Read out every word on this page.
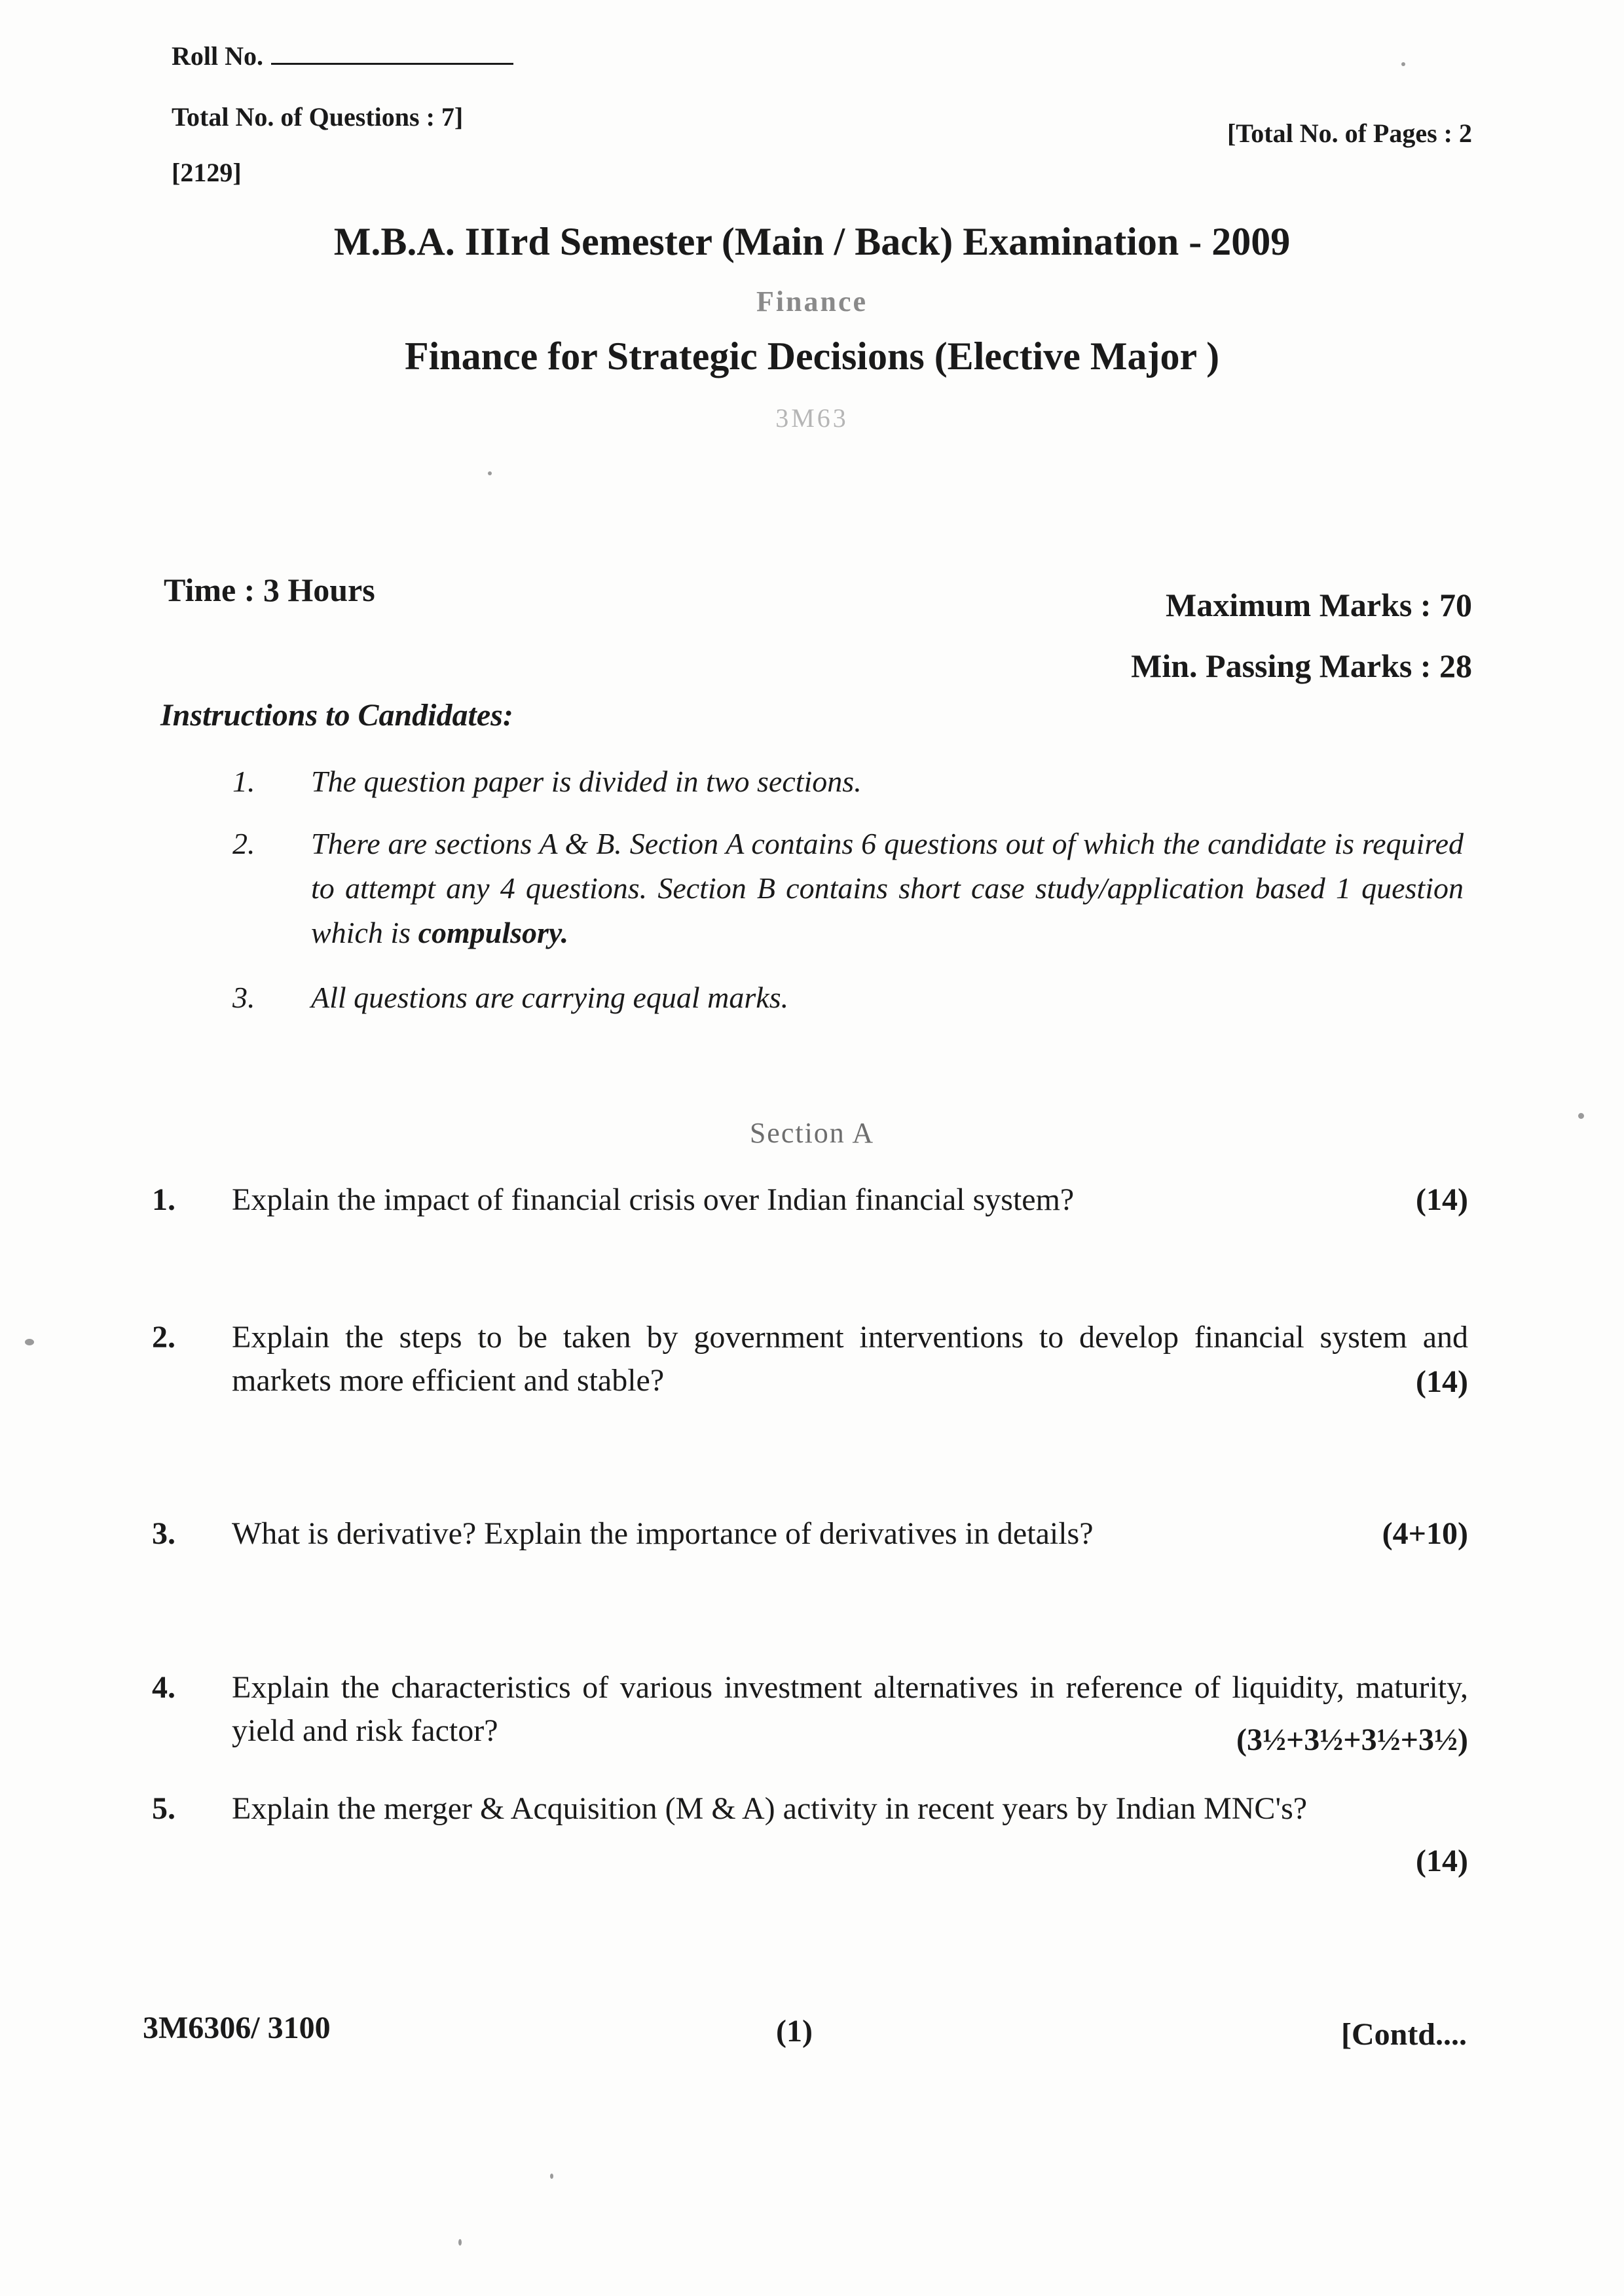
Roll No.
Total No. of Questions : 7]
[Total No. of Pages : 2
[2129]
M.B.A. IIIrd Semester (Main / Back) Examination - 2009
Finance
Finance for Strategic Decisions (Elective Major )
3M63
Time : 3 Hours	Maximum Marks : 70
Min. Passing Marks : 28
Instructions to Candidates:
1. The question paper is divided in two sections.
2. There are sections A & B. Section A contains 6 questions out of which the candidate is required to attempt any 4 questions. Section B contains short case study/application based 1 question which is compulsory.
3. All questions are carrying equal marks.
Section A
1. Explain the impact of financial crisis over Indian financial system?	(14)
2. Explain the steps to be taken by government interventions to develop financial system and markets more efficient and stable?	(14)
3. What is derivative? Explain the importance of derivatives in details?	(4+10)
4. Explain the characteristics of various investment alternatives in reference of liquidity, maturity, yield and risk factor?	(3½+3½+3½+3½)
5. Explain the merger & Acquisition (M & A) activity in recent years by Indian MNC's?
(14)
3M6306/ 3100	(1)	[Contd....
